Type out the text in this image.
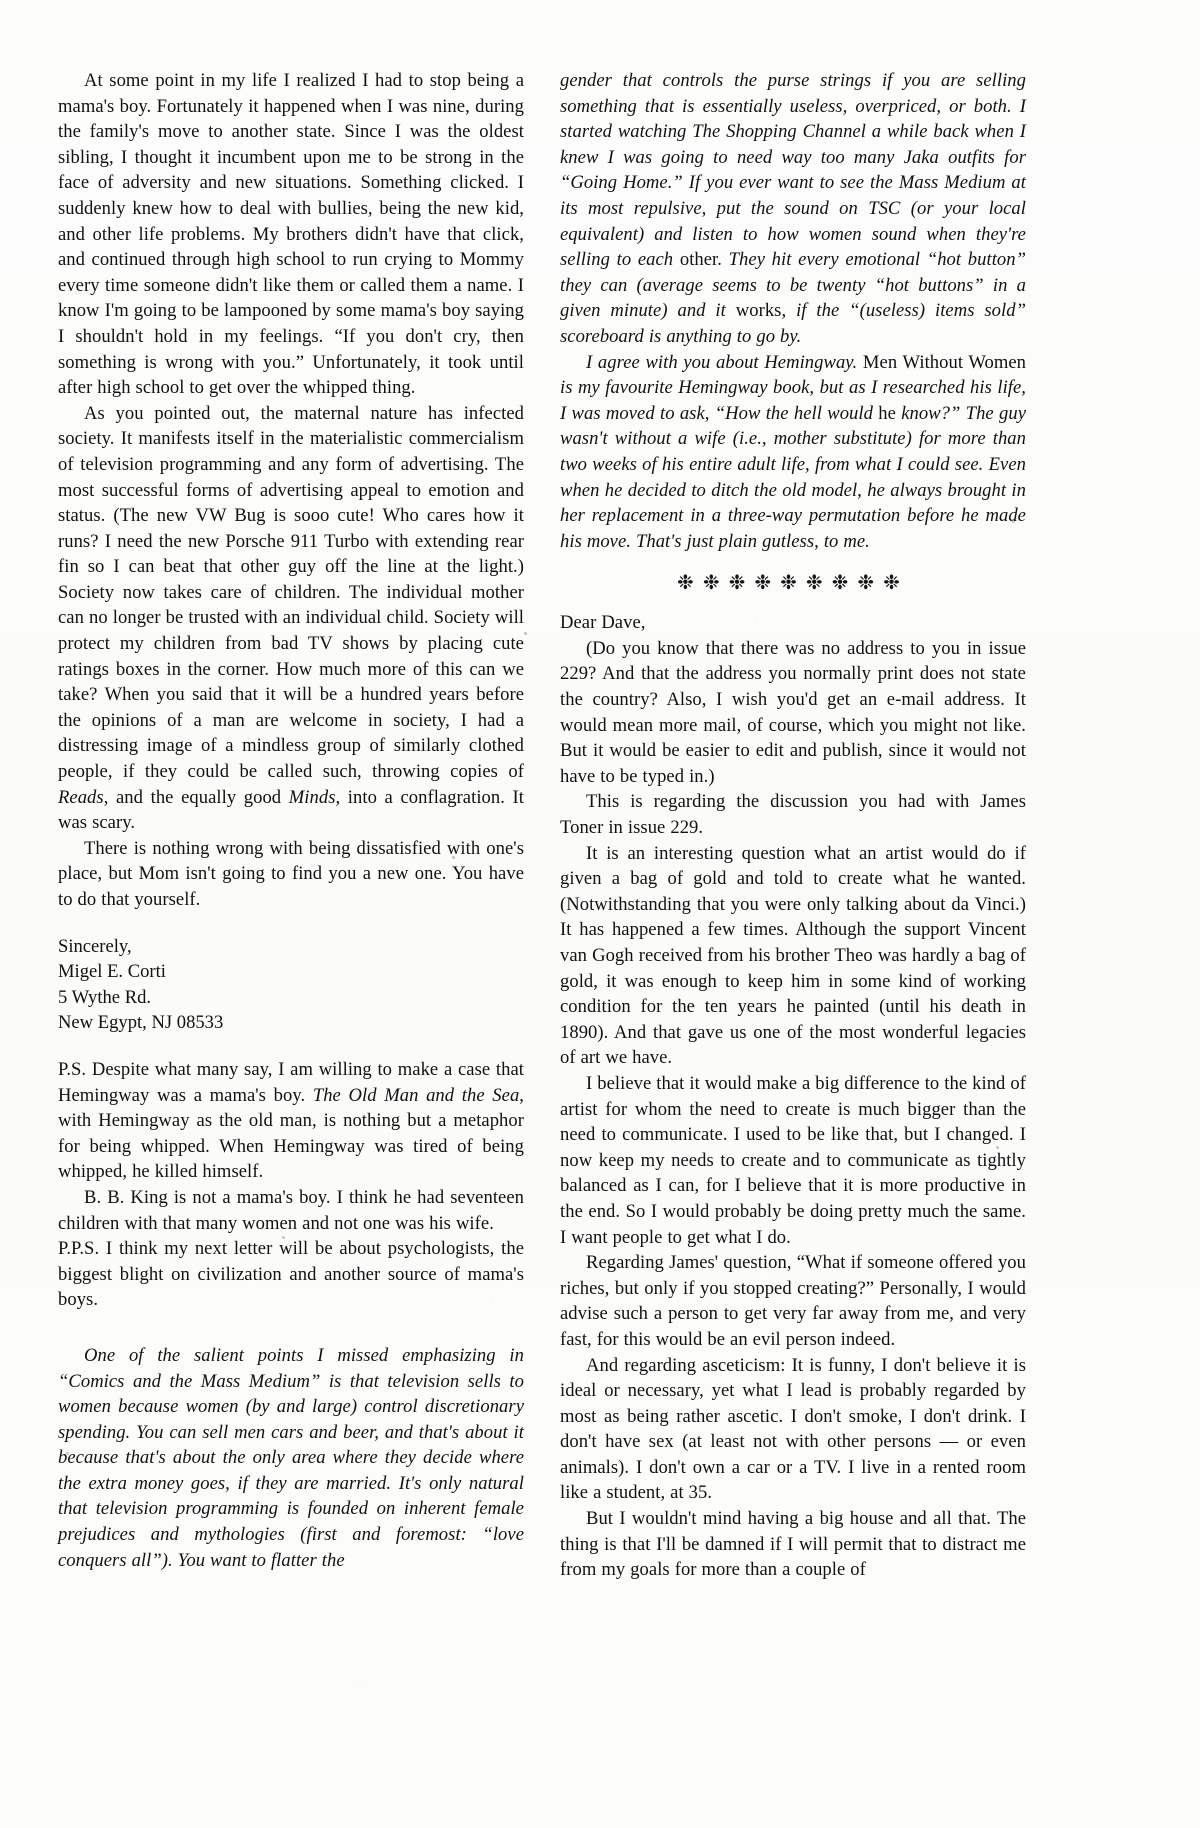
At some point in my life I realized I had to stop being a mama's boy. Fortunately it happened when I was nine, during the family's move to another state. Since I was the oldest sibling, I thought it incumbent upon me to be strong in the face of adversity and new situations. Something clicked. I suddenly knew how to deal with bullies, being the new kid, and other life problems. My brothers didn't have that click, and continued through high school to run crying to Mommy every time someone didn't like them or called them a name. I know I'm going to be lampooned by some mama's boy saying I shouldn't hold in my feelings. “If you don't cry, then something is wrong with you.” Unfortunately, it took until after high school to get over the whipped thing.

As you pointed out, the maternal nature has infected society. It manifests itself in the materialistic commercialism of television programming and any form of advertising. The most successful forms of advertising appeal to emotion and status. (The new VW Bug is sooo cute! Who cares how it runs? I need the new Porsche 911 Turbo with extending rear fin so I can beat that other guy off the line at the light.) Society now takes care of children. The individual mother can no longer be trusted with an individual child. Society will protect my children from bad TV shows by placing cute ratings boxes in the corner. How much more of this can we take? When you said that it will be a hundred years before the opinions of a man are welcome in society, I had a distressing image of a mindless group of similarly clothed people, if they could be called such, throwing copies of Reads, and the equally good Minds, into a conflagration. It was scary.

There is nothing wrong with being dissatisfied with one's place, but Mom isn't going to find you a new one. You have to do that yourself.

Sincerely,
Migel E. Corti
5 Wythe Rd.
New Egypt, NJ 08533

P.S. Despite what many say, I am willing to make a case that Hemingway was a mama's boy. The Old Man and the Sea, with Hemingway as the old man, is nothing but a metaphor for being whipped. When Hemingway was tired of being whipped, he killed himself.

B. B. King is not a mama's boy. I think he had seventeen children with that many women and not one was his wife.

P.P.S. I think my next letter will be about psychologists, the biggest blight on civilization and another source of mama's boys.

One of the salient points I missed emphasizing in “Comics and the Mass Medium” is that television sells to women because women (by and large) control discretionary spending. You can sell men cars and beer, and that's about it because that's about the only area where they decide where the extra money goes, if they are married. It's only natural that television programming is founded on inherent female prejudices and mythologies (first and foremost: “love conquers all”). You want to flatter the

gender that controls the purse strings if you are selling something that is essentially useless, overpriced, or both. I started watching The Shopping Channel a while back when I knew I was going to need way too many Jaka outfits for “Going Home.” If you ever want to see the Mass Medium at its most repulsive, put the sound on TSC (or your local equivalent) and listen to how women sound when they're selling to each other. They hit every emotional “hot button” they can (average seems to be twenty “hot buttons” in a given minute) and it works, if the “(useless) items sold” scoreboard is anything to go by.

I agree with you about Hemingway. Men Without Women is my favourite Hemingway book, but as I researched his life, I was moved to ask, “How the hell would he know?” The guy wasn't without a wife (i.e., mother substitute) for more than two weeks of his entire adult life, from what I could see. Even when he decided to ditch the old model, he always brought in her replacement in a three-way permutation before he made his move. That's just plain gutless, to me.

❉❉❉❉❉❉❉❉❉

Dear Dave,

(Do you know that there was no address to you in issue 229? And that the address you normally print does not state the country? Also, I wish you'd get an e-mail address. It would mean more mail, of course, which you might not like. But it would be easier to edit and publish, since it would not have to be typed in.)

This is regarding the discussion you had with James Toner in issue 229.

It is an interesting question what an artist would do if given a bag of gold and told to create what he wanted. (Notwithstanding that you were only talking about da Vinci.) It has happened a few times. Although the support Vincent van Gogh received from his brother Theo was hardly a bag of gold, it was enough to keep him in some kind of working condition for the ten years he painted (until his death in 1890). And that gave us one of the most wonderful legacies of art we have.

I believe that it would make a big difference to the kind of artist for whom the need to create is much bigger than the need to communicate. I used to be like that, but I changed. I now keep my needs to create and to communicate as tightly balanced as I can, for I believe that it is more productive in the end. So I would probably be doing pretty much the same. I want people to get what I do.

Regarding James' question, “What if someone offered you riches, but only if you stopped creating?” Personally, I would advise such a person to get very far away from me, and very fast, for this would be an evil person indeed.

And regarding asceticism: It is funny, I don't believe it is ideal or necessary, yet what I lead is probably regarded by most as being rather ascetic. I don't smoke, I don't drink. I don't have sex (at least not with other persons — or even animals). I don't own a car or a TV. I live in a rented room like a student, at 35.

But I wouldn't mind having a big house and all that. The thing is that I'll be damned if I will permit that to distract me from my goals for more than a couple of
